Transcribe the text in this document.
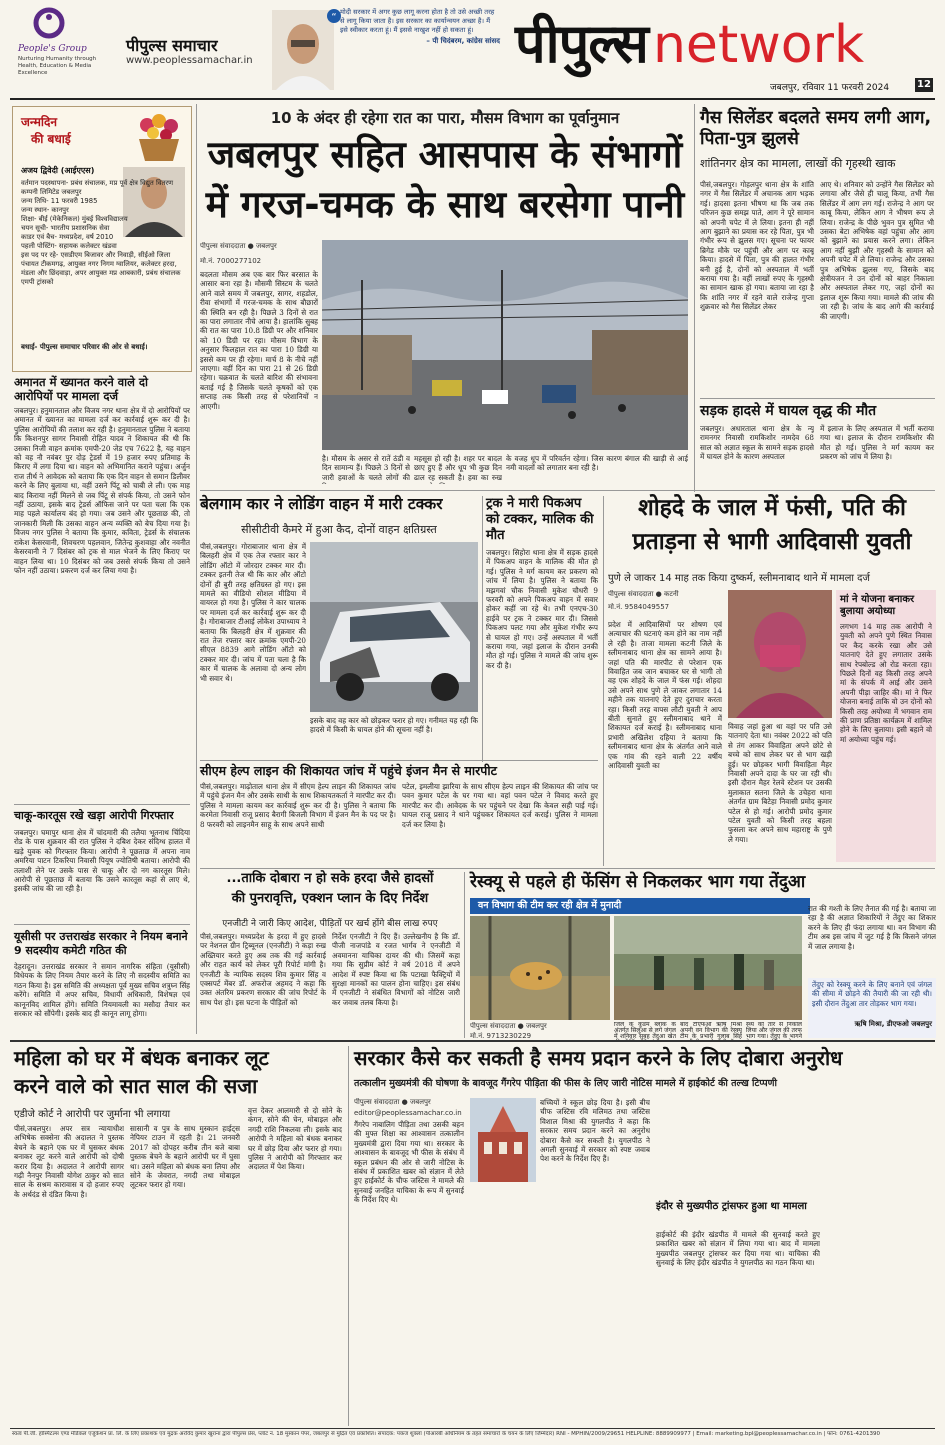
People's Group
Nurturing Humanity through Health, Education & Media Excellence
पीपुल्स समाचार
www.peoplessamachar.in
“ मोदी सरकार में अगर कुछ लागू करना होता है तो उसे अच्छी तरह से लागू किया जाता है। इस सरकार का कार्यान्वयन अच्छा है। मैं इसे स्वीकार करता हूं। मैं इससे नाखुश नहीं हो सकता हूं।
– पी चिदंबरम, कांग्रेस सांसद पीपुल्स network
जबलपुर, रविवार 11 फरवरी 2024	12
जन्मदिन
की बधाई
अजय द्विवेदी (आईएएस)
वर्तमान पदस्थापना- प्रबंध संचालक, मप्र पूर्व क्षेत्र विद्युत वितरण कम्पनी लिमिटेड जबलपुर
जन्म तिथि- 11 फरवरी 1985
जन्म स्थान- कानपुर
शिक्षा- बीई (मेकेनिकल) मुंबई विश्वविद्यालय
चयन सूची- भारतीय प्रशासनिक सेवा
काडर एवं बैच- मध्यप्रदेश, वर्ष 2010
पहली पोस्टिंग- सहायक कलेक्टर खंडवा
इस पद पर रहे- एसडीएम बिजावर और निवाड़ी, सीईओ जिला पंचायत टीकमगढ़, आयुक्त नगर निगम ग्वालियर, कलेक्टर हरदा, मंडला और छिंदवाड़ा, अपर आयुक्त मप्र आबकारी, प्रबंध संचालक एमपी ट्रांसको
बधाई- पीपुल्स समाचार परिवार की ओर से बधाई।
अमानत में ख्यानत करने वाले दो आरोपियों पर मामला दर्ज
जबलपुर। हनुमानताल और विजय नगर थाना क्षेत्र में दो आरोपियों पर अमानत में ख्यानत का मामला दर्ज कर कार्रवाई शुरू कर दी है। पुलिस आरोपियों की तलाश कर रही है। हनुमानताल पुलिस ने बताया कि किशनपुर सागर निवासी रोहित यादव ने शिकायत की थी कि उसका निजी वाहन क्रमांक एमपी-20 जेड एच 7622 है, यह वाहन को वह नौ नवंबर पुर दोड़ ट्रेडर्स में 19 हजार रुपए प्रतिमाह के किराए में लगा दिया था। वाहन को अभिमानित कराने पहुंचा। अर्जुन राज तीर्थ ने आवेदक को बताया कि एक दिन वाहन से समान डिलीवर करने के लिए बुलाया था, वहीं उसने पिंटू को चाबी ले ली। एक माह बाद किराया नहीं मिलने से जब पिंटू से संपर्क किया, तो उसने फोन नहीं उठाया, इसके बाद ट्रेडर्स ऑफिस जाने पर पता चला कि एक माह पहले कार्यालय बंद हो गया। जब उसने और पूछताछ की, तो जानकारी मिली कि उसका वाहन अन्य व्यक्ति को बेच दिया गया है। विजय नगर पुलिस ने बताया कि कुमार, कविता, ट्रेडर्स के संचालक राकेश केसरवानी, शिवचरण पहलवान, जितेन्द्र कुशवाहा और नवनीत केसरवानी ने 7 दिसंबर को ट्रक से माल भेजने के लिए किराए पर वाहन लिया था। 10 दिसंबर को जब उससे संपर्क किया तो उसने फोन नहीं उठाया। प्रकरण दर्ज कर लिया गया है।
चाकू-कारतूस रखे खड़ा आरोपी गिरफ्तार
जबलपुर। घमापुर थाना क्षेत्र में चांदमारी की तलैया भूतनाथ चिंदिया रोड के पास शुक्रवार की रात पुलिस ने दबिश देकर संदिग्ध हालत में खड़े युवक को गिरफ्तार किया। आरोपी ने पूछताछ में अपना नाम अमरिया पाटन टिकरिया निवासी पियूष ज्योतिषी बताया। आरोपी की तलाशी लेने पर उसके पास से चाकू और दो नग कारतूस मिले। आरोपी से पूछताछ में बताया कि उसने कारतूस कहां से लाए थे, इसकी जांच की जा रही है।
यूसीसी पर उत्तराखंड सरकार ने नियम बनाने 9 सदस्यीय कमेटी गठित की
देहरादून। उत्तराखंड सरकार ने समान नागरिक संहिता (यूसीसी) विधेयक के लिए नियम तैयार करने के लिए नौ सदस्यीय समिति का गठन किया है। इस समिति की अध्यक्षता पूर्व मुख्य सचिव शत्रुघ्न सिंह करेंगे। समिति में अपर सचिव, विधायी अधिकारी, विशेषज्ञ एवं कानूनविद शामिल होंगे। समिति नियमावली का मसौदा तैयार कर सरकार को सौंपेगी। इसके बाद ही कानून लागू होगा।
10 के अंदर ही रहेगा रात का पारा, मौसम विभाग का पूर्वानुमान
जबलपुर सहित आसपास के संभागों
में गरज-चमक के साथ बरसेगा पानी
पीपुल्स संवाददाता ● जबलपुर
मो.नं. 7000277102
बदलता मौसम अब एक बार फिर बरसात के आसार बना रहा है। मौसमी सिस्टम के चलते आने वाले समय में जबलपुर, सागर, शहडोल, रीवा संभागों में गरज-चमक के साथ बौछारों की स्थिति बन रही है। पिछले 3 दिनों से रात का पारा लगातार नीचे आया है। हालांकि सुबह की रात का पारा 10.8 डिग्री पर और शनिवार को 10 डिग्री पर रहा। मौसम विभाग के अनुसार फिलहाल रात का पारा 10 डिग्री या इससे कम पर ही रहेगा। मार्च 8 के नीचे नहीं जाएगा। वहीं दिन का पारा 21 से 26 डिग्री रहेगा। चक्रवात के चलते बारिश की संभावना बताई गई है जिसके चलते कृषकों को एक सप्ताह तक किसी तरह से परेशानियों न आएगी।
है। मौसम के असर से रातें ठंडी व दिन सामान्य हैं। पिछले 3 दिनों से जारी हवाओं के चलते लोगों की
महसूस हो रही है। शहर पर बादल छाए हुए हैं और धूप भी कुछ दिन ढाल रह सकती है। हवा का रुख
के वजह धूप में परिवर्तन रहेगा। जिस कारण बंगाल की खाड़ी से आई नमी वादलों को लगातार बना रही है।
गैस सिलेंडर बदलते समय लगी आग, पिता-पुत्र झुलसे
शांतिनगर क्षेत्र का मामला, लाखों की गृहस्थी खाक
पीसं,जबलपुर। गोहलपुर थाना क्षेत्र के शांति नगर में गैस सिलेंडर में अचानक आग भड़क गई। हादसा इतना भीषण था कि जब तक परिजन कुछ समझ पाते, आग ने पूरे सामान को अपनी चपेट में ले लिया। इतना ही नहीं आग बुझाने का प्रयास कर रहे पिता, पुत्र भी गंभीर रूप से झुलस गए। सूचना पर फायर ब्रिगेड मौके पर पहुंची और आग पर काबू किया। हादसे में पिता, पुत्र की हालत गंभीर बनी हुई है, दोनों को अस्पताल में भर्ती कराया गया है। वहीं लाखों रुपए के गृहस्थी का सामान खाक हो गया। बताया जा रहा है कि शांति नगर में रहने वाले राजेन्द्र गुप्ता शुक्रवार को गैस सिलेंडर लेकर
आए थे। शनिवार को उन्होंने गैस सिलेंडर को लगाया और जैसे ही चालू किया, तभी गैस सिलेंडर में आग लग गई। राजेन्द्र ने आग पर काबू किया, लेकिन आग ने भीषण रूप ले लिया। राजेन्द्र के पीछे भुवन पुत्र सुमित भी उसका बेटा अभिषेक वहां पहुंचा और आग को बुझाने का प्रयास करने लगा। लेकिन आग नहीं बुझी और गृहस्थी के सामान को अपनी चपेट में ले लिया। राजेन्द्र और उसका पुत्र अभिषेक झुलस गए, जिसके बाद क्षेत्रीयजन ने उन दोनों को बाहर निकाला और अस्पताल लेकर गए, जहां दोनों का इलाज शुरू किया गया। मामले की जांच की जा रही है। जांच के बाद आगे की कार्रवाई की जाएगी।
सड़क हादसे में घायल वृद्ध की मौत
जबलपुर। अधारताल थाना क्षेत्र के न्यू रामनगर निवासी रामकिशोर नामदेव 68 साल को अज्ञात स्कूल के सामने सड़क हादसे में घायल होने के कारण अस्पताल
में इलाज के लिए अस्पताल में भर्ती कराया गया था। इलाज के दौरान रामकिशोर की मौत हो गई। पुलिस ने मर्ग कायम कर प्रकरण को जांच में लिया है।
बेलगाम कार ने लोडिंग वाहन में मारी टक्कर
सीसीटीवी कैमरे में हुआ कैद, दोनों वाहन क्षतिग्रस्त
पीसं,जबलपुर। गोराबाजार थाना क्षेत्र में बिलहरी क्षेत्र में एक तेज रफ्तार कार ने लोडिंग ऑटो में जोरदार टक्कर मार दी। टक्कर इतनी तेज थी कि कार और ऑटो दोनों ही बुरी तरह क्षतिग्रस्त हो गए। इस मामले का वीडियो सोशल मीडिया में वायरल हो गया है। पुलिस ने कार चालक पर मामला दर्ज कर कार्रवाई शुरू कर दी है। गोराबाजार टीआई लोकेश उपाध्याय ने बताया कि बिलहरी क्षेत्र में शुक्रवार की रात तेज रफ्तार कार क्रमांक एमपी-20 सीएल 8839 आगे लोडिंग ऑटो को टक्कर मार दी। जांच में पता चला है कि कार में चालक के अलावा दो अन्य लोग भी सवार थे।
इसके बाद वह कार को छोड़कर फरार हो गए। गनीमत यह रही कि हादसे में किसी के घायल होने की सूचना नहीं है।
ट्रक ने मारी पिकअप को टक्कर, मालिक की मौत
जबलपुर। सिहोरा थाना क्षेत्र में सड़क हादसे में पिकअप वाहन के मालिक की मौत हो गई। पुलिस ने मर्ग कायम कर प्रकरण को जांच में लिया है। पुलिस ने बताया कि मझगवां चौक निवासी मुकेश चौधरी 9 फरवरी को अपने पिकअप वाहन में सवार होकर कहीं जा रहे थे। तभी एनएच-30 हाईवे पर ट्रक ने टक्कर मार दी। जिससे पिकअप पलट गया और मुकेश गंभीर रूप से घायल हो गए। उन्हें अस्पताल में भर्ती कराया गया, जहां इलाज के दौरान उनकी मौत हो गई। पुलिस ने मामले की जांच शुरू कर दी है।
सीएम हेल्प लाइन की शिकायत जांच में पहुंचे इंजन मैन से मारपीट
पीसं,जबलपुर। माढ़ोताल थाना क्षेत्र में सीएम हेल्प लाइन की शिकायत जांच में पहुंचे इंजन मैन और उसके साथी के साथ शिकायतकर्ता ने मारपीट कर दी। पुलिस ने मामला कायम कर कार्रवाई शुरू कर दी है। पुलिस ने बताया कि करमेता निवासी राजू प्रसाद बैरागी बिजली विभाग में इंजन मैन के पद पर है। 8 फरवरी को लाइनमैन साहू के साथ अपने साथी
पटेल, इमलीया झारिया के साथ सीएम हेल्प लाइन की शिकायत की जांच पर पवन कुमार पटेल के घर गया था। वहां पवन पटेल ने विवाद करते हुए मारपीट कर दी। आवेदक के घर पहुंचने पर देखा कि केवल सही पाई गई। घायल राजू प्रसाद ने थाने पहुंचकर शिकायत दर्ज कराई। पुलिस ने मामला दर्ज कर लिया है।
शोहदे के जाल में फंसी, पति की
प्रताड़ना से भागी आदिवासी युवती
पुणे ले जाकर 14 माह तक किया दुष्कर्म, स्लीमनाबाद थाने में मामला दर्ज
पीपुल्स संवाददाता ● कटनी
मो.नं. 9584049557
प्रदेश में आदिवासियों पर शोषण एवं अत्याचार की घटनाएं कम होने का नाम नहीं ले रही है। ताजा मामला कटनी जिले के स्लीमनाबाद थाना क्षेत्र का सामने आया है। जहां पति की मारपीट से परेशान एक विवाहित जब जान बचाकर घर से भागी तो वह एक शोहदे के जाल में फंस गई। शोहदा उसे अपने साथ पुणे ले जाकर लगातार 14 महीने तक यातनाएं देते हुए दुराचार करता रहा। किसी तरह वापस लौटी युवती ने आप बीती सुनाते हुए स्लीमनाबाद थाने में शिकायत दर्ज कराई है। स्लीमनाबाद थाना प्रभारी अखिलेश दहिया ने बताया कि स्लीमनाबाद थाना क्षेत्र के अंतर्गत आने वाले एक गांव की रहने वाली 22 वर्षीय आदिवासी युवती का
विवाह जहां हुआ था वहां पर पति उसे यातनाएं देता था। नवंबर 2022 को पति से तंग आकर विवाहिता अपने छोटे से बच्चे को साथ लेकर घर से भाग खड़ी हुई। घर छोड़कर भागी विवाहिता मैहर निवासी अपने दादा के घर जा रही थी। इसी दौरान मैहर रेलवे स्टेशन पर उसकी मुलाकात सतना जिले के उचेहरा थाना अंतर्गत ग्राम बिटेहा निवासी प्रमोद कुमार पटेल से हो गई। आरोपी प्रमोद कुमार पटेल युवती को किसी तरह बहला फुसला कर अपने साथ महाराष्ट्र के पुणे ले गया।
मां ने योजना बनाकर बुलाया अयोध्या
लगभग 14 माह तक आरोपी ने युवती को अपने पुणे स्थित निवास पर कैद करके रखा और उसे यातनाएं देते हुए लगातार उसके साथ रेपबोल्ड ओ रोड करता रहा। पिछले दिनों वह किसी तरह अपने मां के संपर्क में आई और उसने अपनी पीड़ा जाहिर की। मां ने फिर योजना बनाई ताकि वो उन दोनों को किसी तरह अयोध्या में भगवान राम की प्राण प्रतिष्ठा कार्यक्रम में शामिल होने के लिए बुलाया। इसी बहाने वो मां अयोध्या पहुंच गई।
...ताकि दोबारा न हो सके हरदा जैसे हादसों
की पुनरावृत्ति, एक्शन प्लान के दिए निर्देश
एनजीटी ने जारी किए आदेश, पीड़ितों पर खर्च होंगे बीस लाख रुपए
पीसं,जबलपुर। मध्यप्रदेश के हरदा में हुए हादसे पर नेशनल ग्रीन ट्रिब्यूनल (एनजीटी) ने कड़ा रुख अख्तियार करते हुए अब तक की गई कार्रवाई और राहत कार्य को लेकर पूरी रिपोर्ट मांगी है। एनजीटी के न्यायिक सदस्य शिव कुमार सिंह व एक्सपर्ट मेंबर डॉ. अफरोज अहमद ने कहा कि उक्त अंतरिम प्रकरण सरकार की जांच रिपोर्ट के साथ पेश हो। इस घटना के पीड़ितों को
निर्देश एनजीटी ने दिए हैं। उल्लेखनीय है कि डॉ. पीजी नाजपांडे व रजत भार्गव ने एनजीटी में अवमानना याचिका दायर की थी। जिसमें कहा गया कि सुप्रीम कोर्ट ने वर्ष 2018 में अपने आदेश में स्पष्ट किया था कि पटाखा फैक्ट्रियों में सुरक्षा मानकों का पालन होना चाहिए। इस संबंध में एनजीटी ने संबंधित विभागों को नोटिस जारी कर जवाब तलब किया है।
रेस्क्यू से पहले ही फेंसिंग से निकलकर भाग गया तेंदुआ
वन विभाग की टीम कर रही क्षेत्र में मुनादी
पीपुल्स संवाददाता ● जबलपुर
मो.नं. 9713230229
जिले के कुंडम ब्लॉक के अंतर्गत सिलुआ से लगे जंगल में शनिवार सुबह तेंदुआ खेत
बाद टीएफओ ऋषि मिश्रा अपनी वन विभाग की रेस्क्यू टीम के प्रभारी गुलाब सिंह
स्थ्य को तार से निकाल लिया और जंगल की तरफ भाग गया। तेंदुए के भागने
रात की गश्ती के लिए तैनात की गई है। बताया जा रहा है की अज्ञात शिकारियों ने तेंदुए का शिकार करने के लिए ही फंदा लगाया था। वन विभाग की टीम अब इस जांच में जुट गई है कि किसने जंगल में जाल लगाया है।
तेंदुए को रेस्क्यू करने के लिए बनाने एवं जंगल की सीमा में छोड़ने की तैयारी की जा रही थी। इसी दौरान तेंदुआ तार तोड़कर भाग गया।
ऋषि मिश्रा, डीएफओ जबलपुर
महिला को घर में बंधक बनाकर लूट
करने वाले को सात साल की सजा
एडीजे कोर्ट ने आरोपी पर जुर्माना भी लगाया
पीसं,जबलपुर। अपर सत्र न्यायाधीश अभिषेक सक्सेना की अदालत ने पुस्तक बेचने के बहाने एक घर में घुसकर बंधक बनाकर लूट करने वाले आरोपी को दोषी करार दिया है। अदालत ने आरोपी सागर गढ़ी नैनपुर निवासी योगेश ठाकुर को सात साल के सश्रम कारावास व दो हजार रुपए के अर्थदंड से दंडित किया है।
सासानी व पुत्र के साथ मुस्कान हाईट्स नेपियर टाउन में रहती है। 21 जनवरी 2017 को दोपहर करीब तीन बजे बाबा पुस्तक बेचने के बहाने आरोपी घर में घुसा था। उसने महिला को बंधक बना लिया और सोने के जेवरात, नगदी तथा मोबाइल लूटकर फरार हो गया।
वृत्त देकर आलमारी से दो सोने के कंगन, सोने की चेन, मोबाइल और नगदी राशि निकलवा ली। इसके बाद आरोपी ने महिला को बंधक बनाकर घर में छोड़ दिया और फरार हो गया। पुलिस ने आरोपी को गिरफ्तार कर अदालत में पेश किया।
सरकार कैसे कर सकती है समय प्रदान करने के लिए दोबारा अनुरोध
तत्कालीन मुख्यमंत्री की घोषणा के बावजूद गैंगरेप पीड़िता की फीस के लिए जारी नोटिस मामले में हाईकोर्ट की तल्ख टिप्पणी
पीपुल्स संवाददाता ● जबलपुर
editor@peoplessamachar.co.in
गैंगरेप नाबालिग पीड़िता तथा उसकी बहन की मुफ्त शिक्षा का आश्वासन तत्कालीन मुख्यमंत्री द्वारा दिया गया था। सरकार के आश्वासन के बावजूद भी फीस के संबंध में स्कूल प्रबंधन की ओर से जारी नोटिस के संबंध में प्रकाशित खबर को संज्ञान में लेते हुए हाईकोर्ट के चीफ जस्टिस ने मामले की सुनवाई जनहित याचिका के रूप में सुनवाई के निर्देश दिए थे।
बच्चियों ने स्कूल छोड़ दिया है। इसी बीच चीफ जस्टिस रवि मलिमठ तथा जस्टिस विशाल मिश्रा की युगलपीठ ने कहा कि सरकार समय प्रदान करने का अनुरोध दोबारा कैसे कर सकती है। युगलपीठ ने अगली सुनवाई में सरकार को स्पष्ट जवाब पेश करने के निर्देश दिए हैं।
इंदौर से मुख्यपीठ ट्रांसफर हुआ था मामला
हाईकोर्ट की इंदौर खंडपीठ में मामले की सुनवाई करते हुए प्रकाशित खबर को संज्ञान में लिया गया था। बाद में मामला मुख्यपीठ जबलपुर ट्रांसफर कर दिया गया था। याचिका की सुनवाई के लिए इंदौर खंडपीठ ने युगलपीठ का गठन किया था।
स्वत्व पी.जी. हॉस्पिटल्स एण्ड मेडिकल एजुकेशन प्रा. लि. के लिए प्रकाशक एवं मुद्रक अरविंद कुमार खुराना द्वारा पीपुल्स प्रेस, प्लॉट नं. 18 मुस्कान पेपर, जबलपुर से मुद्रित एवं प्रकाशित। संपादक: पंकज शुक्ला (पीआरबी अधिनियम के तहत समाचारों के चयन के लिए जिम्मेदार) RNI - MPHIN/2009/29651 HELPLINE: 8889909977 | Email: marketing.bpl@peoplessamachar.co.in | फोन: 0761-4201390
